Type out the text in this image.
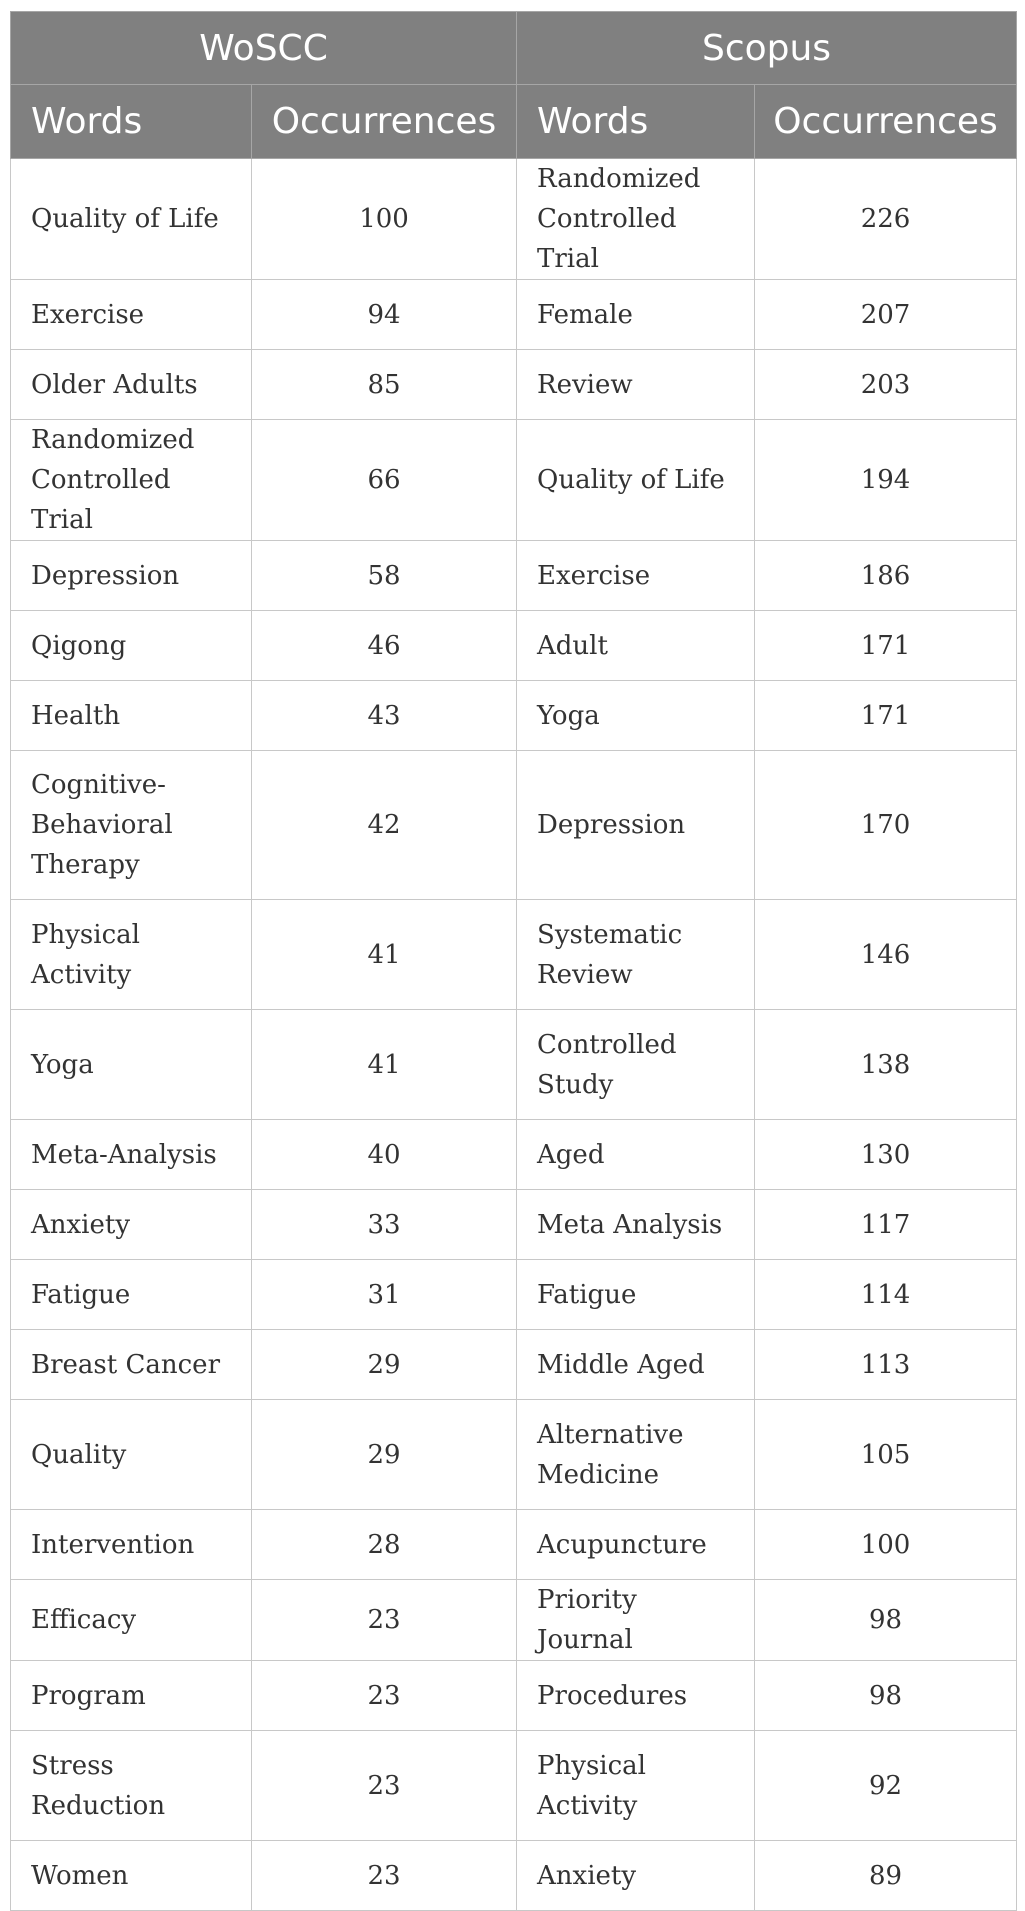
WoSCC		Scopus	
Words	Occurrences	Words	Occurrences
Quality of Life	100	Randomized Controlled Trial	226
Exercise	94	Female	207
Older Adults	85	Review	203
Randomized Controlled Trial	66	Quality of Life	194
Depression	58	Exercise	186
Qigong	46	Adult	171
Health	43	Yoga	171
Cognitive-Behavioral Therapy	42	Depression	170
Physical Activity	41	Systematic Review	146
Yoga	41	Controlled Study	138
Meta-Analysis	40	Aged	130
Anxiety	33	Meta Analysis	117
Fatigue	31	Fatigue	114
Breast Cancer	29	Middle Aged	113
Quality	29	Alternative Medicine	105
Intervention	28	Acupuncture	100
Efficacy	23	Priority Journal	98
Program	23	Procedures	98
Stress Reduction	23	Physical Activity	92
Women	23	Anxiety	89
